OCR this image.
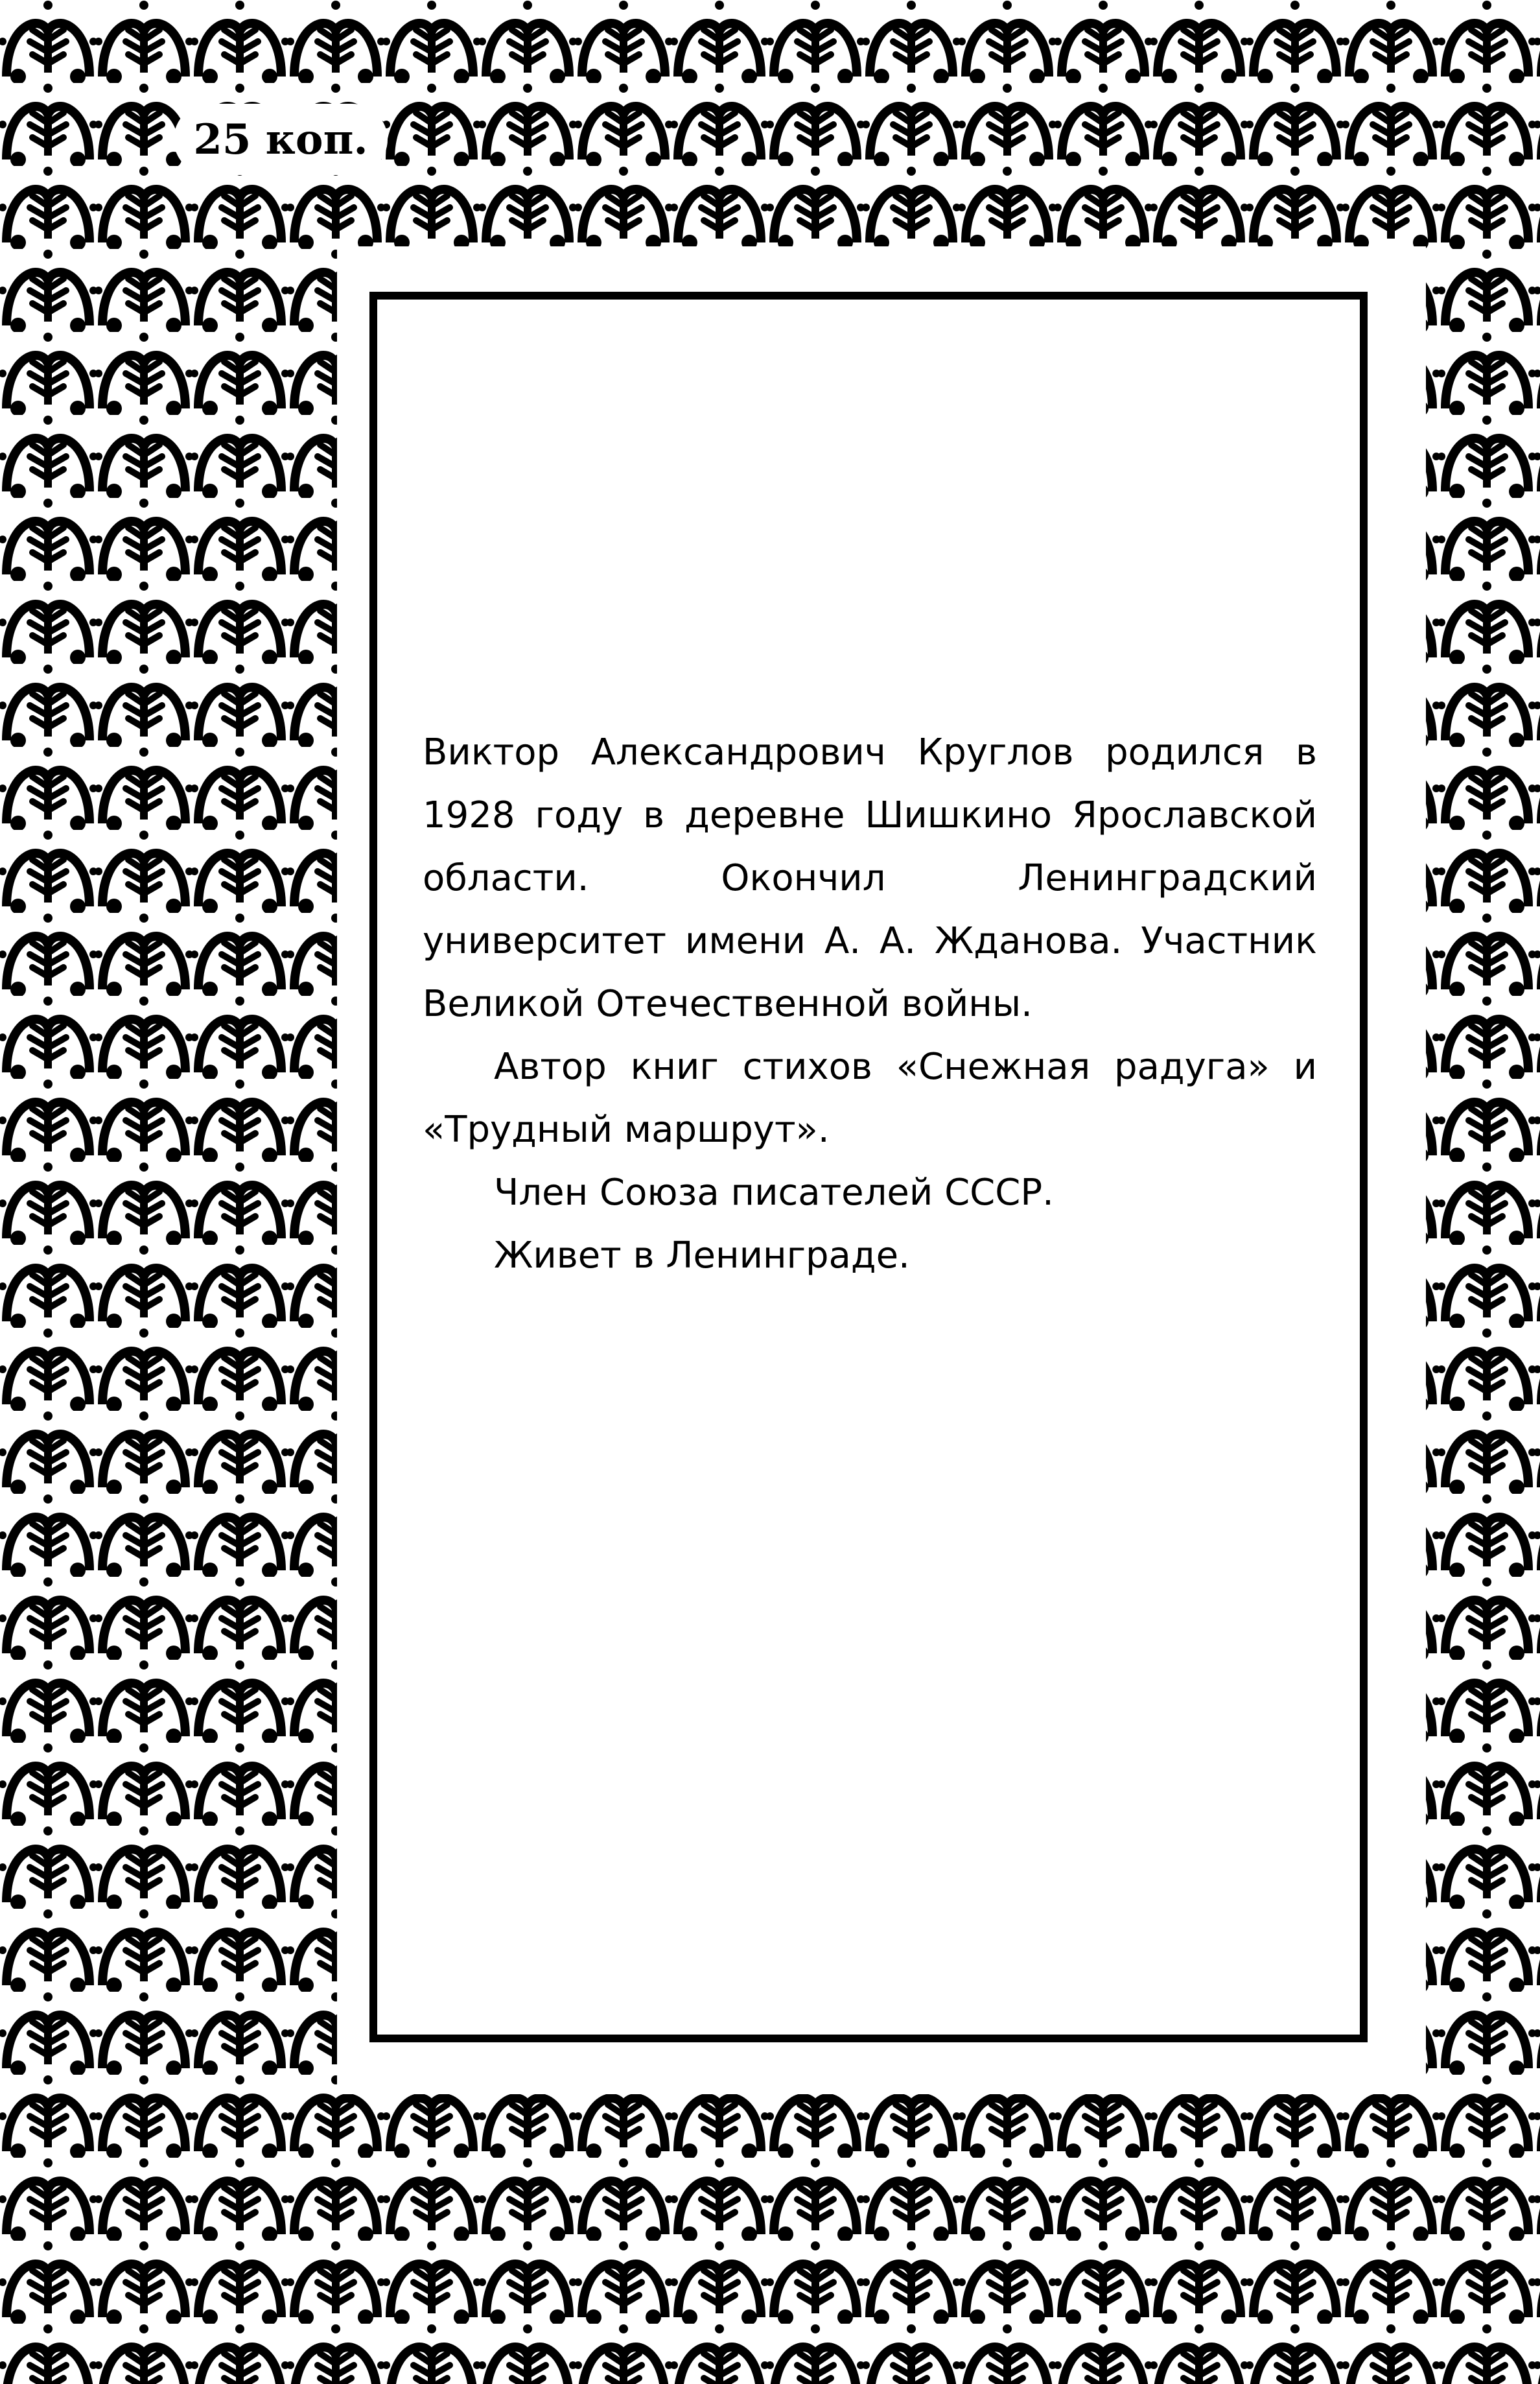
25 коп.

Виктор Александрович Круглов родился в 1928 году в деревне Шишкино Ярославской области. Окончил Ленинградский университет имени А. А. Жданова. Участник Великой Отечественной войны.

Автор книг стихов «Снежная радуга» и «Трудный маршрут».

Член Союза писателей СССР.

Живет в Ленинграде.
